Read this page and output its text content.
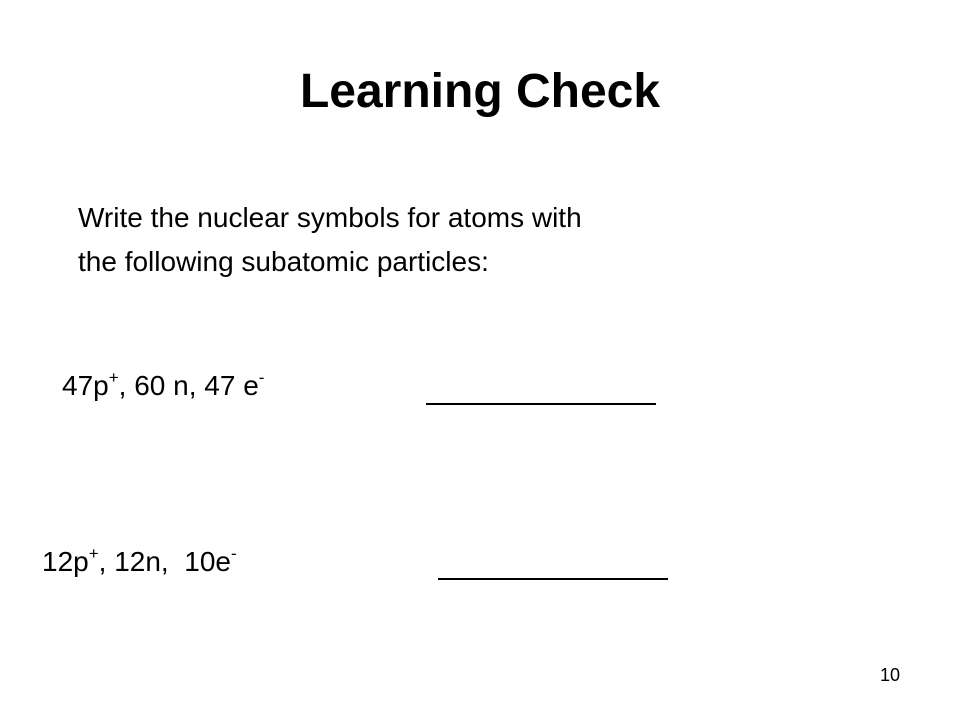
Learning Check

Write the nuclear symbols for atoms with
the following subatomic particles:

47p+, 60 n, 47 e-
12p+, 12n,  10e-
10
